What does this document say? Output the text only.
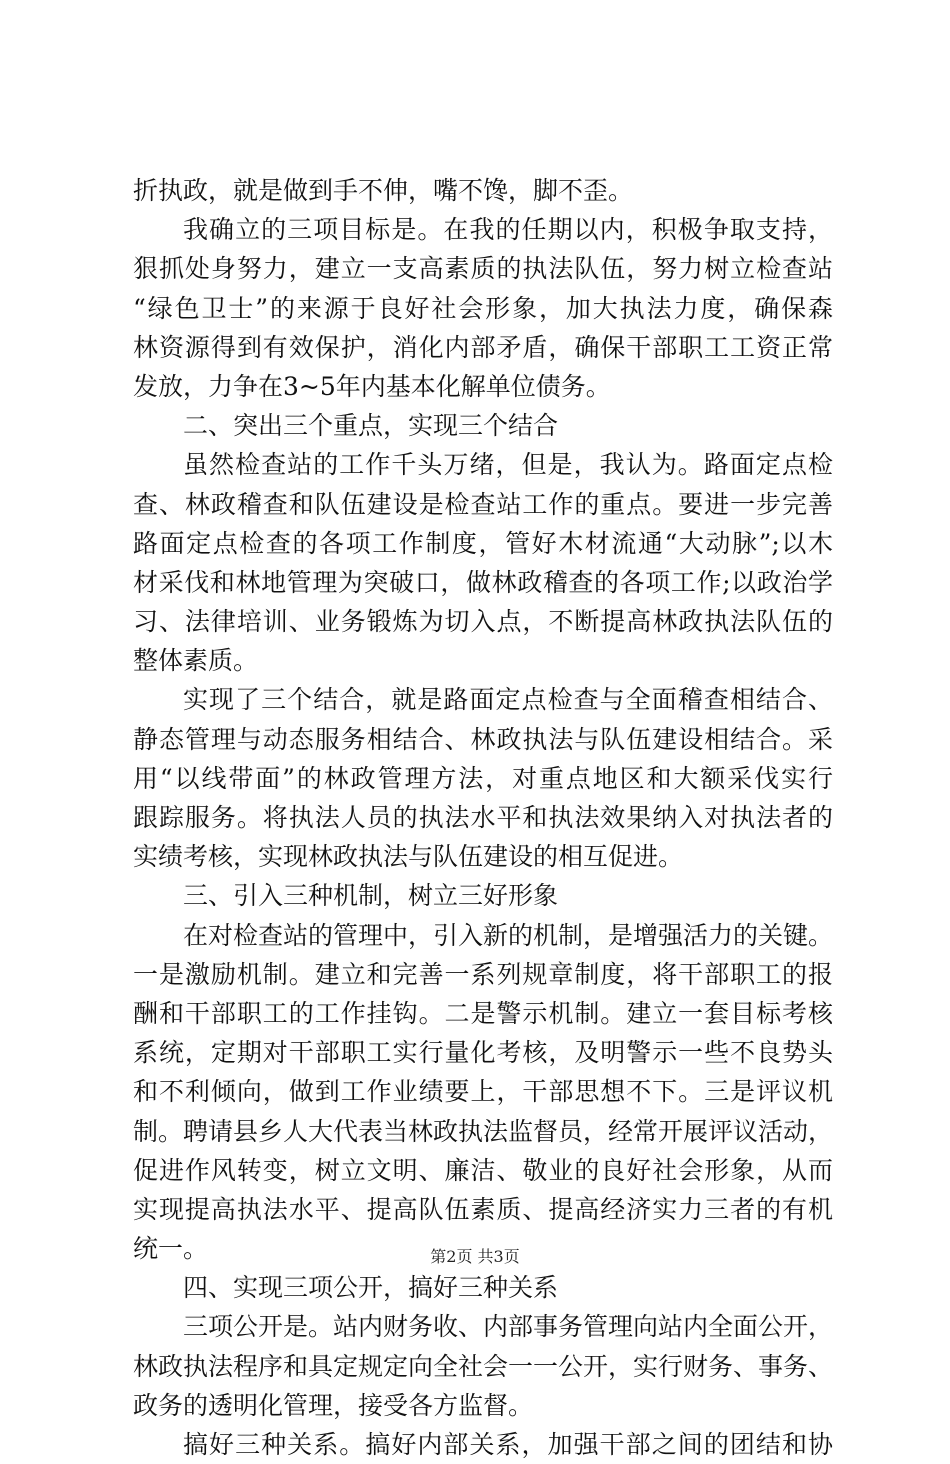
折执政，就是做到手不伸，嘴不馋，脚不歪。
我确立的三项目标是。在我的任期以内，积极争取支持，
狠抓处身努力，建立一支高素质的执法队伍，努力树立检查站
“绿色卫士”的来源于良好社会形象，加大执法力度，确保森
林资源得到有效保护，消化内部矛盾，确保干部职工工资正常
发放，力争在3~5年内基本化解单位债务。
二、突出三个重点，实现三个结合
虽然检查站的工作千头万绪，但是，我认为。路面定点检
查、林政稽查和队伍建设是检查站工作的重点。要进一步完善
路面定点检查的各项工作制度，管好木材流通“大动脉”;以木
材采伐和林地管理为突破口，做林政稽查的各项工作;以政治学
习、法律培训、业务锻炼为切入点，不断提高林政执法队伍的
整体素质。
实现了三个结合，就是路面定点检查与全面稽查相结合、
静态管理与动态服务相结合、林政执法与队伍建设相结合。采
用“以线带面”的林政管理方法，对重点地区和大额采伐实行
跟踪服务。将执法人员的执法水平和执法效果纳入对执法者的
实绩考核，实现林政执法与队伍建设的相互促进。
三、引入三种机制，树立三好形象
在对检查站的管理中，引入新的机制，是增强活力的关键。
一是激励机制。建立和完善一系列规章制度，将干部职工的报
酬和干部职工的工作挂钩。二是警示机制。建立一套目标考核
系统，定期对干部职工实行量化考核，及明警示一些不良势头
和不利倾向，做到工作业绩要上，干部思想不下。三是评议机
制。聘请县乡人大代表当林政执法监督员，经常开展评议活动，
促进作风转变，树立文明、廉洁、敬业的良好社会形象，从而
实现提高执法水平、提高队伍素质、提高经济实力三者的有机
统一。
四、实现三项公开，搞好三种关系
三项公开是。站内财务收、内部事务管理向站内全面公开，
林政执法程序和具定规定向全社会一一公开，实行财务、事务、
政务的透明化管理，接受各方监督。
搞好三种关系。搞好内部关系，加强干部之间的团结和协
第2页 共3页
